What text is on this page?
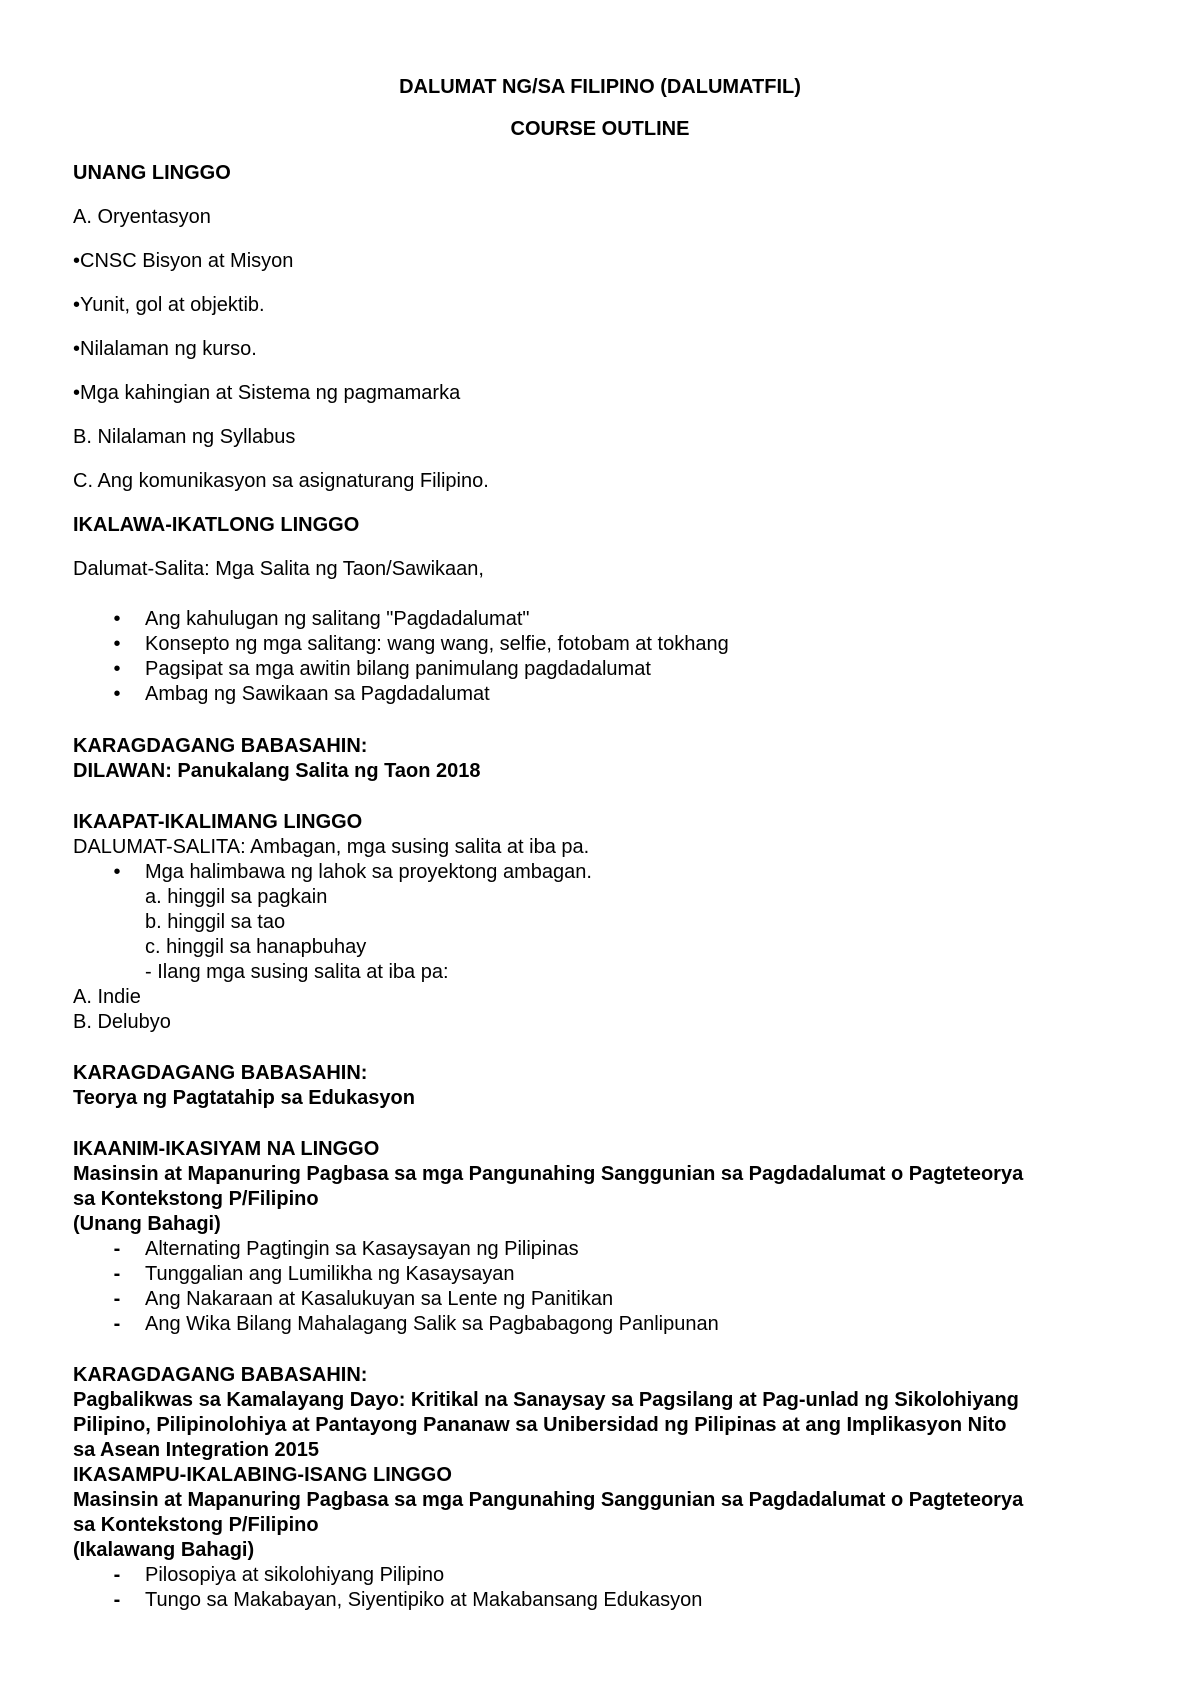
DALUMAT NG/SA FILIPINO (DALUMATFIL)
COURSE OUTLINE
UNANG LINGGO
A. Oryentasyon
•CNSC Bisyon at Misyon
•Yunit, gol at objektib.
•Nilalaman ng kurso.
•Mga kahingian at Sistema ng pagmamarka
B. Nilalaman ng Syllabus
C. Ang komunikasyon sa asignaturang Filipino.
IKALAWA-IKATLONG LINGGO
Dalumat-Salita: Mga Salita ng Taon/Sawikaan,
• Ang kahulugan ng salitang "Pagdadalumat"
• Konsepto ng mga salitang: wang wang, selfie, fotobam at tokhang
• Pagsipat sa mga awitin bilang panimulang pagdadalumat
• Ambag ng Sawikaan sa Pagdadalumat
KARAGDAGANG BABASAHIN:
DILAWAN: Panukalang Salita ng Taon 2018
IKAAPAT-IKALIMANG LINGGO
DALUMAT-SALITA: Ambagan, mga susing salita at iba pa.
• Mga halimbawa ng lahok sa proyektong ambagan.
a. hinggil sa pagkain
b. hinggil sa tao
c. hinggil sa hanapbuhay
- Ilang mga susing salita at iba pa:
A. Indie
B. Delubyo
KARAGDAGANG BABASAHIN:
Teorya ng Pagtatahip sa Edukasyon
IKAANIM-IKASIYAM NA LINGGO
Masinsin at Mapanuring Pagbasa sa mga Pangunahing Sanggunian sa Pagdadalumat o Pagteteorya
sa Kontekstong P/Filipino
(Unang Bahagi)
- Alternating Pagtingin sa Kasaysayan ng Pilipinas
- Tunggalian ang Lumilikha ng Kasaysayan
- Ang Nakaraan at Kasalukuyan sa Lente ng Panitikan
- Ang Wika Bilang Mahalagang Salik sa Pagbabagong Panlipunan
KARAGDAGANG BABASAHIN:
Pagbalikwas sa Kamalayang Dayo: Kritikal na Sanaysay sa Pagsilang at Pag-unlad ng Sikolohiyang
Pilipino, Pilipinolohiya at Pantayong Pananaw sa Unibersidad ng Pilipinas at ang Implikasyon Nito
sa Asean Integration 2015
IKASAMPU-IKALABING-ISANG LINGGO
Masinsin at Mapanuring Pagbasa sa mga Pangunahing Sanggunian sa Pagdadalumat o Pagteteorya
sa Kontekstong P/Filipino
(Ikalawang Bahagi)
- Pilosopiya at sikolohiyang Pilipino
- Tungo sa Makabayan, Siyentipiko at Makabansang Edukasyon
